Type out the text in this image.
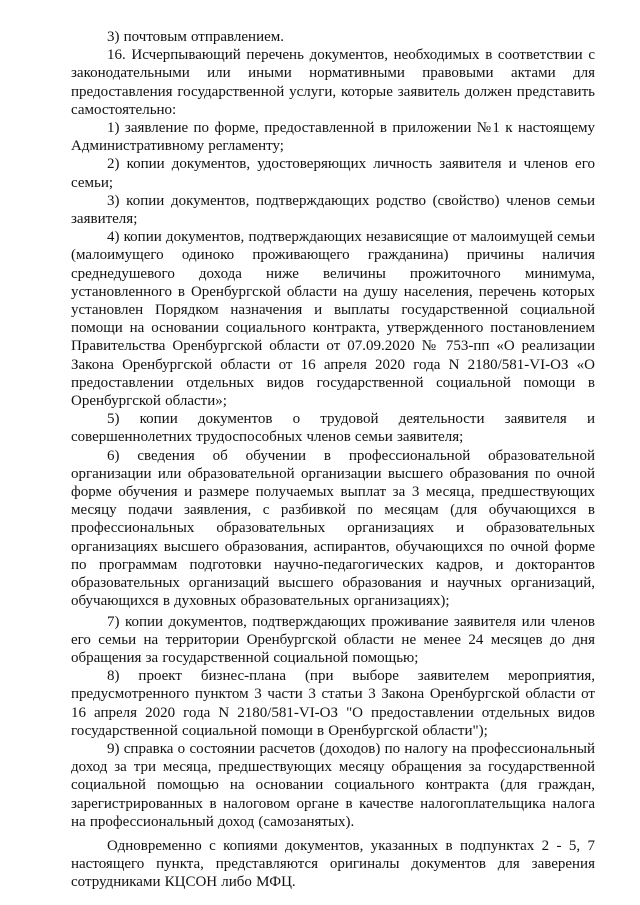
3) почтовым отправлением.

16. Исчерпывающий перечень документов, необходимых в соответствии с законодательными или иными нормативными правовыми актами для предоставления государственной услуги, которые заявитель должен представить самостоятельно:

1) заявление по форме, предоставленной в приложении №1 к настоящему Административному регламенту;

2) копии документов, удостоверяющих личность заявителя и членов его семьи;

3) копии документов, подтверждающих родство (свойство) членов семьи заявителя;

4) копии документов, подтверждающих независящие от малоимущей семьи (малоимущего одиноко проживающего гражданина) причины наличия среднедушевого дохода ниже величины прожиточного минимума, установленного в Оренбургской области на душу населения, перечень которых установлен Порядком назначения и выплаты государственной социальной помощи на основании социального контракта, утвержденного постановлением Правительства Оренбургской области от 07.09.2020 № 753-пп «О реализации Закона Оренбургской области от 16 апреля 2020 года N 2180/581-VI-ОЗ «О предоставлении отдельных видов государственной социальной помощи в Оренбургской области»;

5) копии документов о трудовой деятельности заявителя и совершеннолетних трудоспособных членов семьи заявителя;

6) сведения об обучении в профессиональной образовательной организации или образовательной организации высшего образования по очной форме обучения и размере получаемых выплат за 3 месяца, предшествующих месяцу подачи заявления, с разбивкой по месяцам (для обучающихся в профессиональных образовательных организациях и образовательных организациях высшего образования, аспирантов, обучающихся по очной форме по программам подготовки научно-педагогических кадров, и докторантов образовательных организаций высшего образования и научных организаций, обучающихся в духовных образовательных организациях);

7) копии документов, подтверждающих проживание заявителя или членов его семьи на территории Оренбургской области не менее 24 месяцев до дня обращения за государственной социальной помощью;

8) проект бизнес-плана (при выборе заявителем мероприятия, предусмотренного пунктом 3 части 3 статьи 3 Закона Оренбургской области от 16 апреля 2020 года N 2180/581-VI-ОЗ "О предоставлении отдельных видов государственной социальной помощи в Оренбургской области");

9) справка о состоянии расчетов (доходов) по налогу на профессиональный доход за три месяца, предшествующих месяцу обращения за государственной социальной помощью на основании социального контракта (для граждан, зарегистрированных в налоговом органе в качестве налогоплательщика налога на профессиональный доход (самозанятых).

Одновременно с копиями документов, указанных в подпунктах 2 - 5, 7 настоящего пункта, представляются оригиналы документов для заверения сотрудниками КЦСОН либо МФЦ.
